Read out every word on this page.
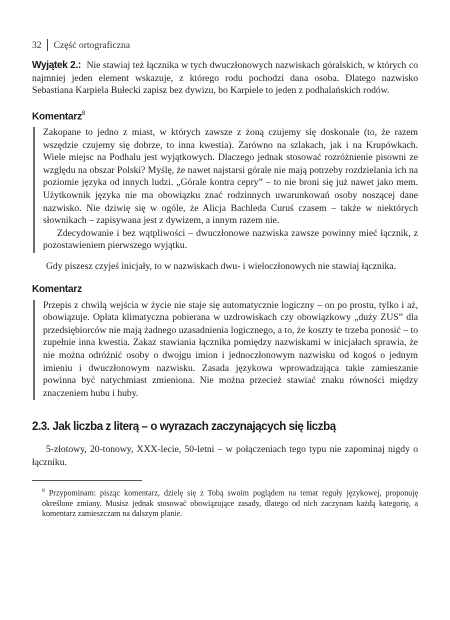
32 Część ortograficzna

Wyjątek 2.: Nie stawiaj też łącznika w tych dwuczłonowych nazwiskach góralskich, w których co najmniej jeden element wskazuje, z którego rodu pochodzi dana osoba. Dlatego nazwisko Sebastiana Karpiela Bułecki zapisz bez dywizu, bo Karpiele to jeden z podhalańskich rodów.

Komentarz$^8$

Zakopane to jedno z miast, w których zawsze z żoną czujemy się doskonale (to, że razem wszędzie czujemy się dobrze, to inna kwestia). Zarówno na szlakach, jak i na Krupówkach. Wiele miejsc na Podhalu jest wyjątkowych. Dlaczego jednak stosować rozróżnienie pisowni ze względu na obszar Polski? Myślę, że nawet najstarsi górale nie mają potrzeby rozdzielania ich na poziomie języka od innych ludzi. „Górale kontra cepry” – to nie broni się już nawet jako mem. Użytkownik języka nie ma obowiązku znać rodzinnych uwarunkowań osoby noszącej dane nazwisko. Nie dziwię się w ogóle, że Alicja Bachleda Curuś czasem – także w niektórych słownikach – zapisywana jest z dywizem, a innym razem nie.

Zdecydowanie i bez wątpliwości – dwuczłonowe nazwiska zawsze powinny mieć łącznik, z pozostawieniem pierwszego wyjątku.

Gdy piszesz czyjeś inicjały, to w nazwiskach dwu- i wieloczłonowych nie stawiaj łącznika.

Komentarz

Przepis z chwilą wejścia w życie nie staje się automatycznie logiczny – on po prostu, tylko i aż, obowiązuje. Opłata klimatyczna pobierana w uzdrowiskach czy obowiązkowy „duży ZUS” dla przedsiębiorców nie mają żadnego uzasadnienia logicznego, a to, że koszty te trzeba ponosić – to zupełnie inna kwestia. Zakaz stawiania łącznika pomiędzy nazwiskami w inicjałach sprawia, że nie można odróżnić osoby o dwojgu imion i jednoczłonowym nazwisku od kogoś o jednym imieniu i dwuczłonowym nazwisku. Zasada językowa wprowadzająca takie zamieszanie powinna być natychmiast zmieniona. Nie można przecież stawiać znaku równości między znaczeniem hubu i huby.

2.3. Jak liczba z literą – o wyrazach zaczynających się liczbą

5-złotowy, 20-tonowy, XXX-lecie, 50-letni – w połączeniach tego typu nie zapominaj nigdy o łączniku.

$^8$ Przypominam: pisząc komentarz, dzielę się z Tobą swoim poglądem na temat reguły językowej, proponuję określone zmiany. Musisz jednak stosować obowiązujące zasady, dlatego od nich zaczynam każdą kategorię, a komentarz zamieszczam na dalszym planie.
